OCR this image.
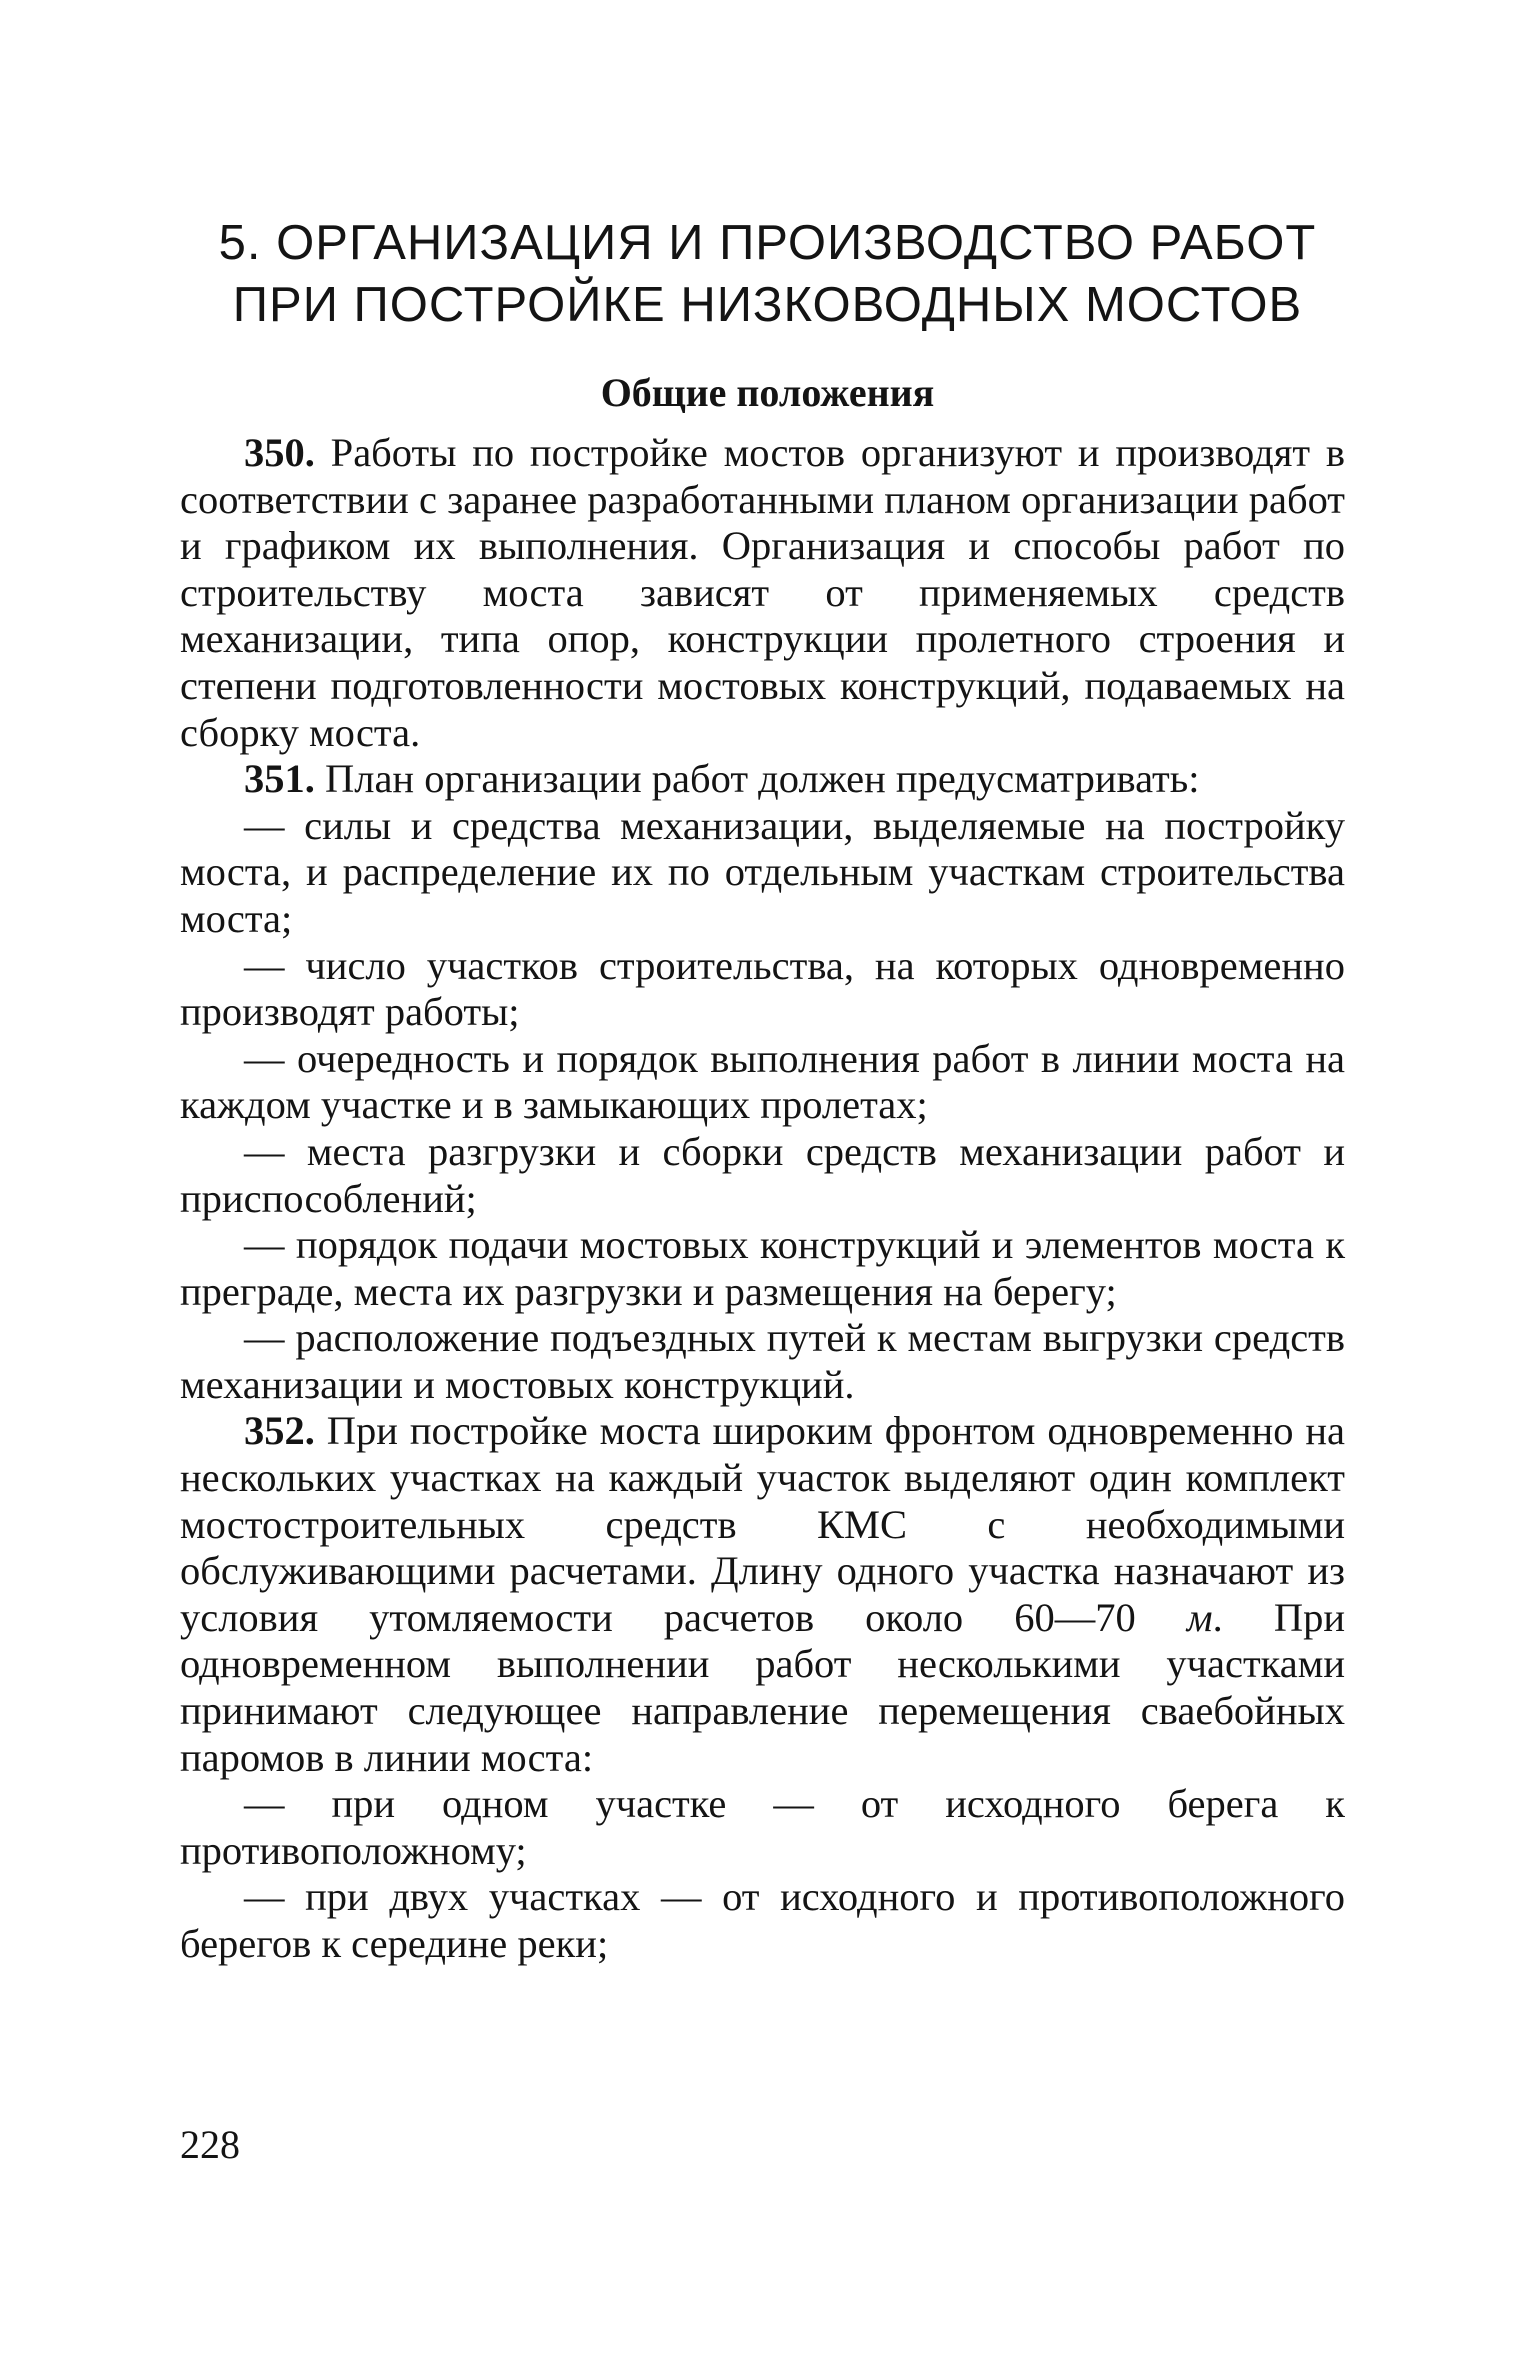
5. ОРГАНИЗАЦИЯ И ПРОИЗВОДСТВО РАБОТ
ПРИ ПОСТРОЙКЕ НИЗКОВОДНЫХ МОСТОВ
Общие положения

350. Работы по постройке мостов организуют и производят в соответствии с заранее разработанными планом организации работ и графиком их выполнения. Организация и способы работ по строительству моста зависят от применяемых средств механизации, типа опор, конструкции пролетного строения и степени подготовленности мостовых конструкций, подаваемых на сборку моста.

351. План организации работ должен предусматривать:

— силы и средства механизации, выделяемые на постройку моста, и распределение их по отдельным участкам строительства моста;

— число участков строительства, на которых одновременно производят работы;

— очередность и порядок выполнения работ в линии моста на каждом участке и в замыкающих пролетах;

— места разгрузки и сборки средств механизации работ и приспособлений;

— порядок подачи мостовых конструкций и элементов моста к преграде, места их разгрузки и размещения на берегу;

— расположение подъездных путей к местам выгрузки средств механизации и мостовых конструкций.

352. При постройке моста широким фронтом одновременно на нескольких участках на каждый участок выделяют один комплект мостостроительных средств КМС с необходимыми обслуживающими расчетами. Длину одного участка назначают из условия утомляемости расчетов около 60—70 м. При одновременном выполнении работ несколькими участками принимают следующее направление перемещения сваебойных паромов в линии моста:

— при одном участке — от исходного берега к противоположному;

— при двух участках — от исходного и противоположного берегов к середине реки;

228
